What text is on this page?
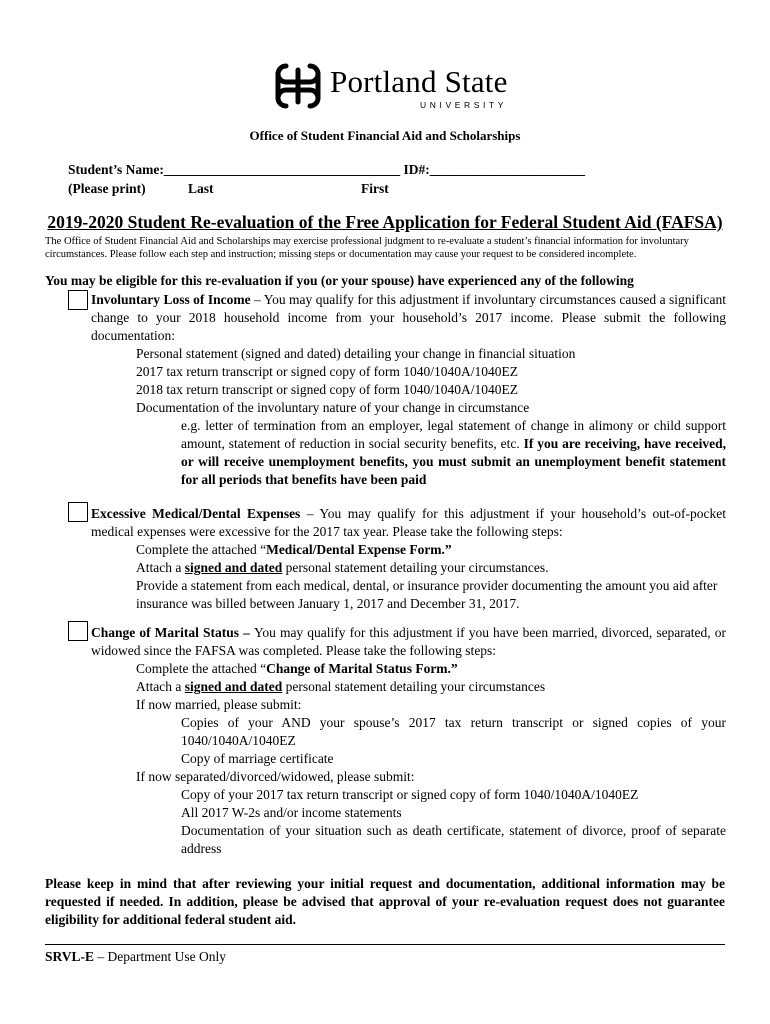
Portland State
UNIVERSITY
Office of Student Financial Aid and Scholarships
Student’s Name:___________________________________ ID#:_______________________
(Please print)	Last	First
2019-2020 Student Re-evaluation of the Free Application for Federal Student Aid (FAFSA)
The Office of Student Financial Aid and Scholarships may exercise professional judgment to re-evaluate a student’s financial information for involuntary circumstances. Please follow each step and instruction; missing steps or documentation may cause your request to be considered incomplete.
You may be eligible for this re-evaluation if you (or your spouse) have experienced any of the following
Involuntary Loss of Income – You may qualify for this adjustment if involuntary circumstances caused a significant change to your 2018 household income from your household’s 2017 income. Please submit the following documentation:
Personal statement (signed and dated) detailing your change in financial situation
2017 tax return transcript or signed copy of form 1040/1040A/1040EZ
2018 tax return transcript or signed copy of form 1040/1040A/1040EZ
Documentation of the involuntary nature of your change in circumstance
e.g. letter of termination from an employer, legal statement of change in alimony or child support amount, statement of reduction in social security benefits, etc. If you are receiving, have received, or will receive unemployment benefits, you must submit an unemployment benefit statement for all periods that benefits have been paid
Excessive Medical/Dental Expenses – You may qualify for this adjustment if your household’s out-of-pocket medical expenses were excessive for the 2017 tax year. Please take the following steps:
Complete the attached “Medical/Dental Expense Form.”
Attach a signed and dated personal statement detailing your circumstances.
Provide a statement from each medical, dental, or insurance provider documenting the amount you aid after insurance was billed between January 1, 2017 and December 31, 2017.
Change of Marital Status – You may qualify for this adjustment if you have been married, divorced, separated, or widowed since the FAFSA was completed. Please take the following steps:
Complete the attached “Change of Marital Status Form.”
Attach a signed and dated personal statement detailing your circumstances
If now married, please submit:
Copies of your AND your spouse’s 2017 tax return transcript or signed copies of your 1040/1040A/1040EZ
Copy of marriage certificate
If now separated/divorced/widowed, please submit:
Copy of your 2017 tax return transcript or signed copy of form 1040/1040A/1040EZ
All 2017 W-2s and/or income statements
Documentation of your situation such as death certificate, statement of divorce, proof of separate address
Please keep in mind that after reviewing your initial request and documentation, additional information may be requested if needed. In addition, please be advised that approval of your re-evaluation request does not guarantee eligibility for additional federal student aid.
SRVL-E – Department Use Only
